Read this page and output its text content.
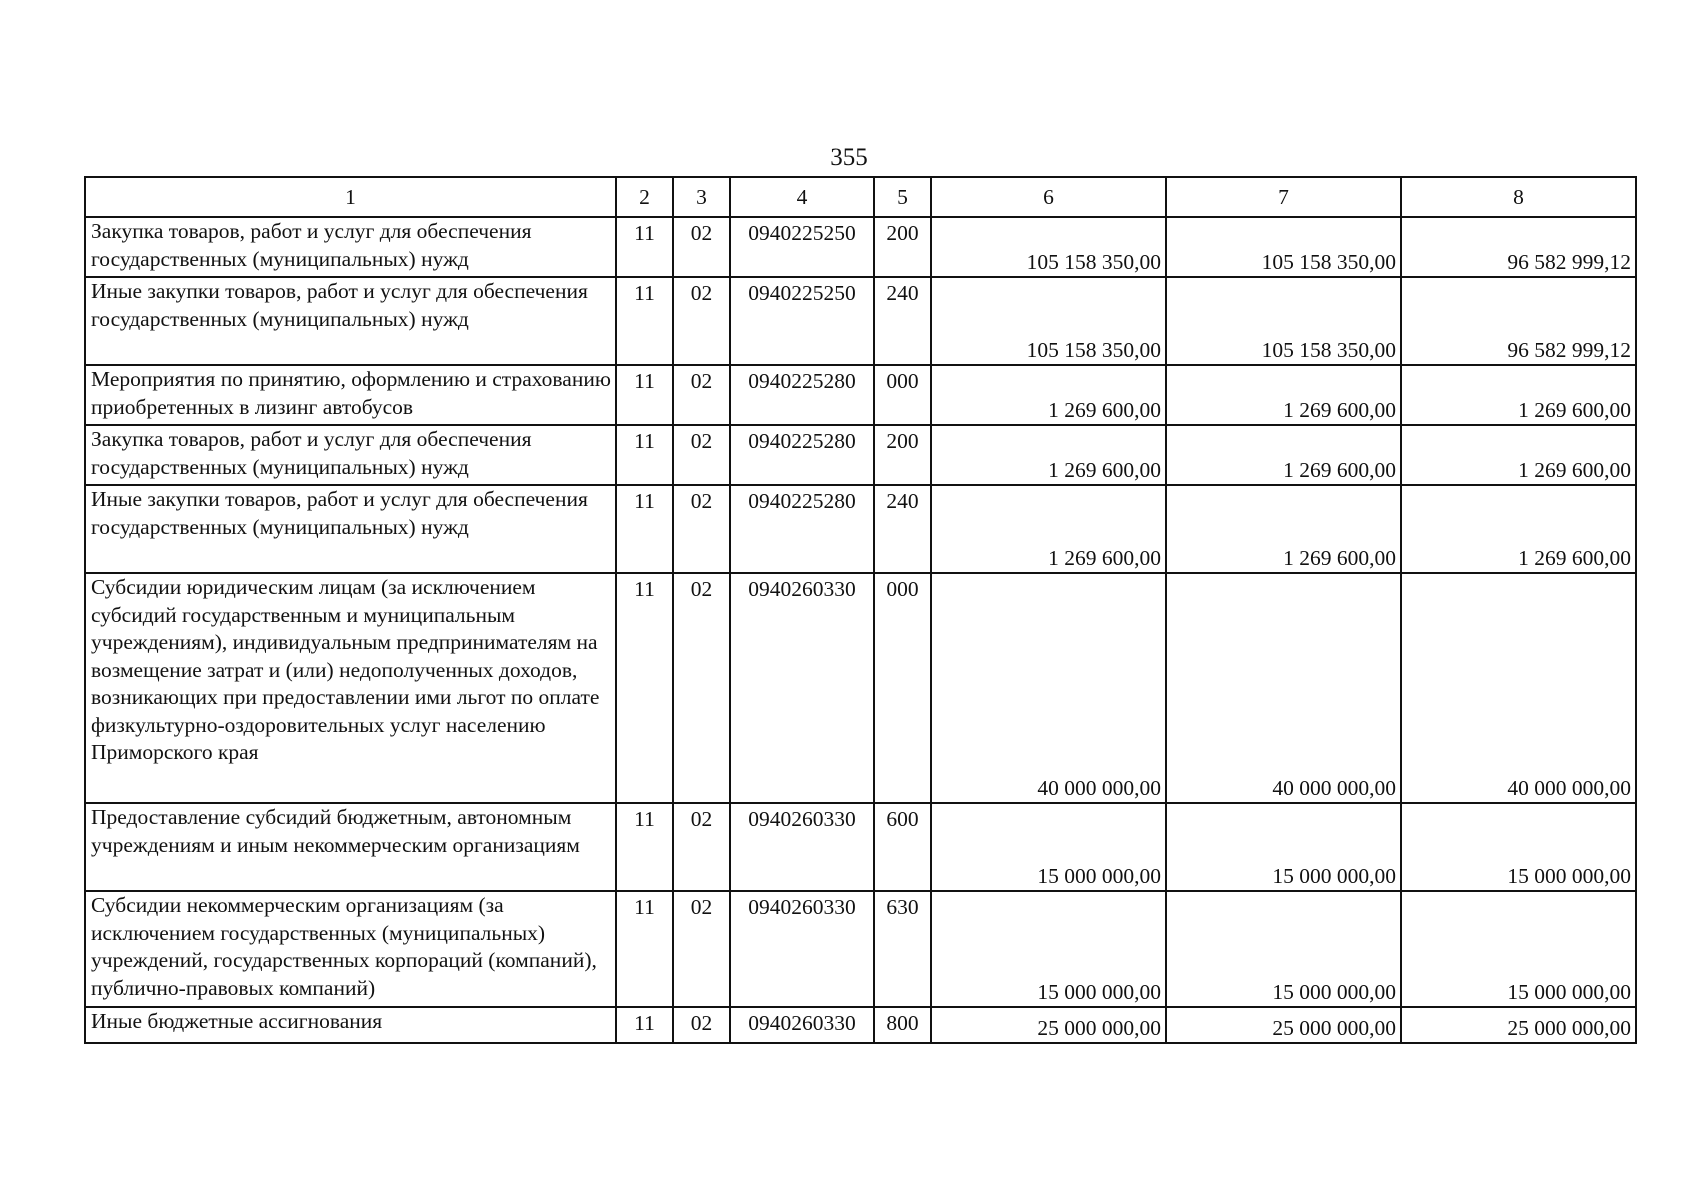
355
1	2	3	4	5	6	7	8
Закупка товаров, работ и услуг для обеспечения государственных (муниципальных) нужд	11	02	0940225250	200	105 158 350,00	105 158 350,00	96 582 999,12
Иные закупки товаров, работ и услуг для обеспечения государственных (муниципальных) нужд	11	02	0940225250	240	105 158 350,00	105 158 350,00	96 582 999,12
Мероприятия по принятию, оформлению и страхованию приобретенных в лизинг автобусов	11	02	0940225280	000	1 269 600,00	1 269 600,00	1 269 600,00
Закупка товаров, работ и услуг для обеспечения государственных (муниципальных) нужд	11	02	0940225280	200	1 269 600,00	1 269 600,00	1 269 600,00
Иные закупки товаров, работ и услуг для обеспечения государственных (муниципальных) нужд	11	02	0940225280	240	1 269 600,00	1 269 600,00	1 269 600,00
Субсидии юридическим лицам (за исключением субсидий государственным и муниципальным учреждениям), индивидуальным предпринимателям на возмещение затрат и (или) недополученных доходов, возникающих при предоставлении ими льгот по оплате физкультурно-оздоровительных услуг населению Приморского края	11	02	0940260330	000	40 000 000,00	40 000 000,00	40 000 000,00
Предоставление субсидий бюджетным, автономным учреждениям и иным некоммерческим организациям	11	02	0940260330	600	15 000 000,00	15 000 000,00	15 000 000,00
Субсидии некоммерческим организациям (за исключением государственных (муниципальных) учреждений, государственных корпораций (компаний), публично-правовых компаний)	11	02	0940260330	630	15 000 000,00	15 000 000,00	15 000 000,00
Иные бюджетные ассигнования	11	02	0940260330	800	25 000 000,00	25 000 000,00	25 000 000,00
